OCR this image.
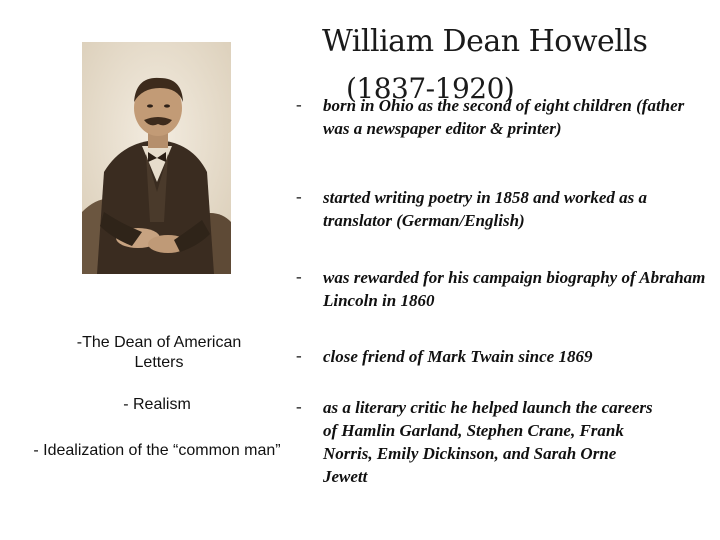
William Dean Howells
(1837-1920)
- born in Ohio as the second of eight children (father was a newspaper editor & printer)
- started writing poetry in 1858 and worked as a translator (German/English)
- was rewarded for his campaign biography of Abraham Lincoln in 1860
- close friend of Mark Twain since 1869
- as a literary critic he helped launch the careers of Hamlin Garland, Stephen Crane, Frank Norris, Emily Dickinson, and Sarah Orne Jewett
-The Dean of American Letters
- Realism
- Idealization of the “common man”
